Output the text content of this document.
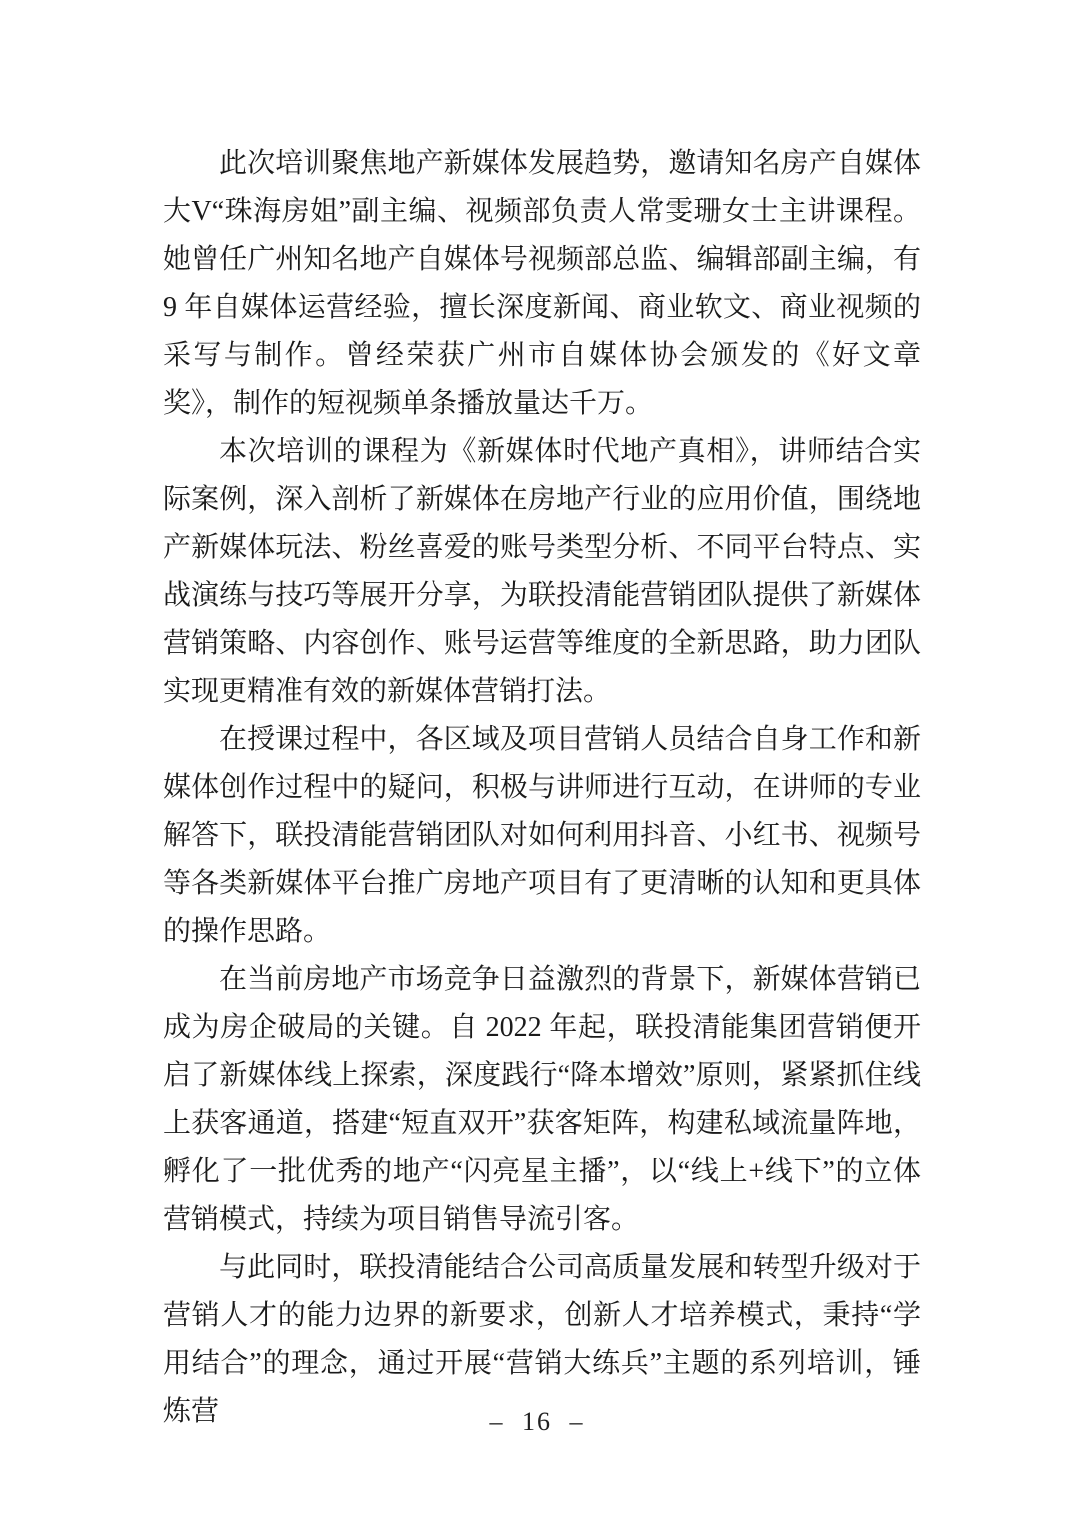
此次培训聚焦地产新媒体发展趋势，邀请知名房产自媒体大V“珠海房姐”副主编、视频部负责人常雯珊女士主讲课程。她曾任广州知名地产自媒体号视频部总监、编辑部副主编，有 9 年自媒体运营经验，擅长深度新闻、商业软文、商业视频的采写与制作。曾经荣获广州市自媒体协会颁发的《好文章奖》，制作的短视频单条播放量达千万。

本次培训的课程为《新媒体时代地产真相》，讲师结合实际案例，深入剖析了新媒体在房地产行业的应用价值，围绕地产新媒体玩法、粉丝喜爱的账号类型分析、不同平台特点、实战演练与技巧等展开分享，为联投清能营销团队提供了新媒体营销策略、内容创作、账号运营等维度的全新思路，助力团队实现更精准有效的新媒体营销打法。

在授课过程中，各区域及项目营销人员结合自身工作和新媒体创作过程中的疑问，积极与讲师进行互动，在讲师的专业解答下，联投清能营销团队对如何利用抖音、小红书、视频号等各类新媒体平台推广房地产项目有了更清晰的认知和更具体的操作思路。

在当前房地产市场竞争日益激烈的背景下，新媒体营销已成为房企破局的关键。自 2022 年起，联投清能集团营销便开启了新媒体线上探索，深度践行“降本增效”原则，紧紧抓住线上获客通道，搭建“短直双开”获客矩阵，构建私域流量阵地，孵化了一批优秀的地产“闪亮星主播”，以“线上+线下”的立体营销模式，持续为项目销售导流引客。

与此同时，联投清能结合公司高质量发展和转型升级对于营销人才的能力边界的新要求，创新人才培养模式，秉持“学用结合”的理念，通过开展“营销大练兵”主题的系列培训，锤炼营	– 16 –
